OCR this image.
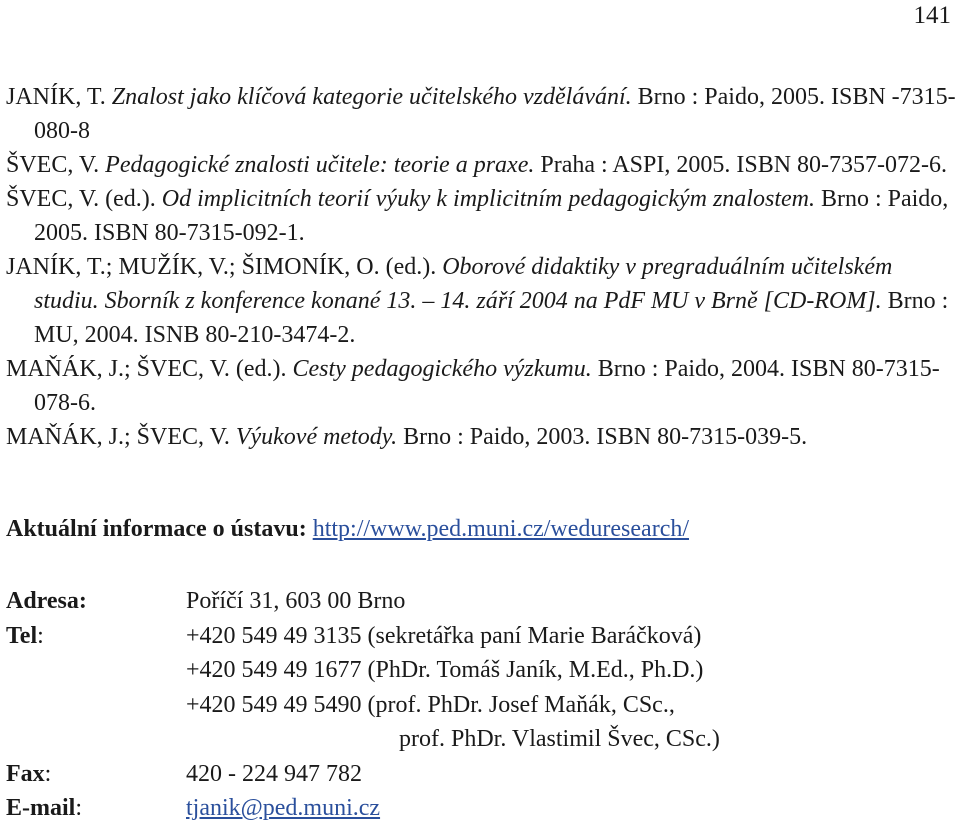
141
JANÍK, T. Znalost jako klíčová kategorie učitelského vzdělávání. Brno : Paido, 2005. ISBN -7315-080-8
ŠVEC, V. Pedagogické znalosti učitele: teorie a praxe. Praha : ASPI, 2005. ISBN 80-7357-072-6.
ŠVEC, V. (ed.). Od implicitních teorií výuky k implicitním pedagogickým znalostem. Brno : Paido, 2005. ISBN 80-7315-092-1.
JANÍK, T.; MUŽÍK, V.; ŠIMONÍK, O. (ed.). Oborové didaktiky v pregraduálním učitelském studiu. Sborník z konference konané 13. – 14. září 2004 na PdF MU v Brně [CD-ROM]. Brno : MU, 2004. ISNB 80-210-3474-2.
MAŇÁK, J.; ŠVEC, V. (ed.). Cesty pedagogického výzkumu. Brno : Paido, 2004. ISBN 80-7315-078-6.
MAŇÁK, J.; ŠVEC, V. Výukové metody. Brno : Paido, 2003. ISBN 80-7315-039-5.
Aktuální informace o ústavu: http://www.ped.muni.cz/weduresearch/
Adresa:	Poříčí 31, 603 00 Brno
Tel:	+420 549 49 3135 (sekretářka paní Marie Baráčková)
+420 549 49 1677 (PhDr. Tomáš Janík, M.Ed., Ph.D.)
+420 549 49 5490 (prof. PhDr. Josef Maňák, CSc.,
prof. PhDr. Vlastimil Švec, CSc.)
Fax:	420 - 224 947 782
E-mail:	tjanik@ped.muni.cz
